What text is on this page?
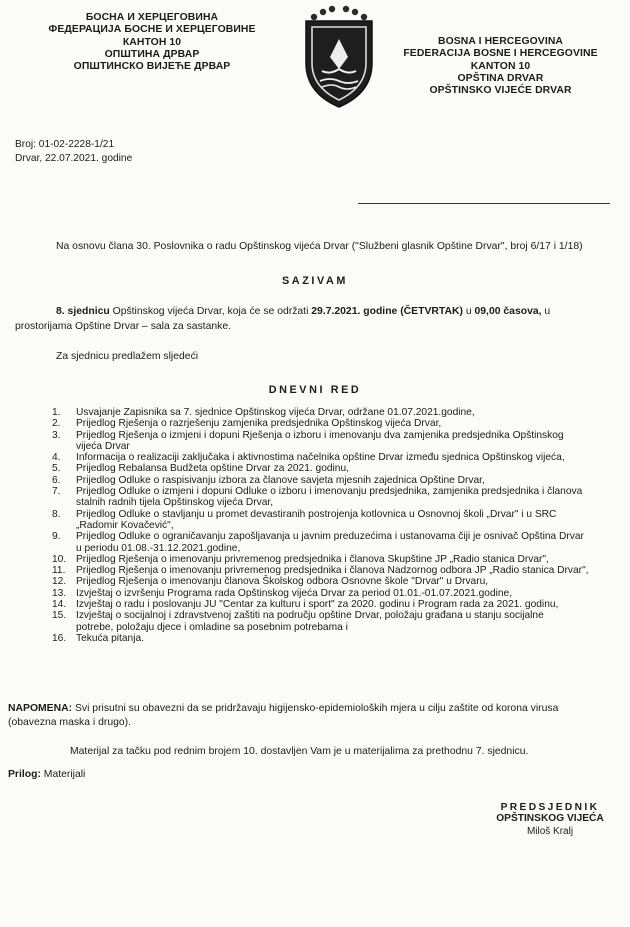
БОСНА И ХЕРЦЕГОВИНА
ФЕДЕРАЦИЈА БОСНЕ И ХЕРЦЕГОВИНЕ
КАНТОН 10
ОПШТИНА ДРВАР
ОПШТИНСКО ВИЈЕЋЕ ДРВАР
BOSNA I HERCEGOVINA
FEDERACIJA BOSNE I HERCEGOVINE
KANTON 10
OPŠTINA DRVAR
OPŠTINSKO VIJEĆE DRVAR
Broj: 01-02-2228-1/21
Drvar, 22.07.2021. godine
Na osnovu člana 30. Poslovnika o radu Opštinskog vijeća Drvar ("Službeni glasnik Opštine Drvar", broj 6/17 i 1/18)
SAZIVAM
8. sjednicu Opštinskog vijeća Drvar, koja će se održati 29.7.2021. godine (ČETVRTAK) u 09,00 časova, u
prostorijama Opštine Drvar – sala za sastanke.
Za sjednicu predlažem sljedeći
DNEVNI RED
1.	Usvajanje Zapisnika sa 7. sjednice Opštinskog vijeća Drvar, održane 01.07.2021.godine,
2.	Prijedlog Rješenja o razrješenju zamjenika predsjednika Opštinskog vijeća Drvar,
3.	Prijedlog Rješenja o izmjeni i dopuni Rješenja o izboru i imenovanju dva zamjenika predsjednika Opštinskog
vijeća Drvar
4.	Informacija o realizaciji zaključaka i aktivnostima načelnika opštine Drvar između sjednica Opštinskog vijeća,
5.	Prijedlog Rebalansa Budžeta opštine Drvar za 2021. godinu,
6.	Prijedlog Odluke o raspisivanju izbora za članove savjeta mjesnih zajednica Opštine Drvar,
7.	Prijedlog Odluke o izmjeni i dopuni Odluke o izboru i imenovanju predsjednika, zamjenika predsjednika i članova
stalnih radnih tijela Opštinskog vijeća Drvar,
8.	Prijedlog Odluke o stavljanju u promet devastiranih postrojenja kotlovnica u Osnovnoj školi „Drvar" i u SRC
„Radomir Kovačević",
9.	Prijedlog Odluke o ograničavanju zapošljavanja u javnim preduzećima i ustanovama čiji je osnivač Opština Drvar
u periodu 01.08.-31.12.2021.godine,
10. Prijedlog Rješenja o imenovanju privremenog predsjednika i članova Skupštine JP „Radio stanica Drvar",
11.	Prijedlog Rješenja o imenovanju privremenog predsjednika i članova Nadzornog odbora JP „Radio stanica Drvar",
12. Prijedlog Rješenja o imenovanju članova Školskog odbora Osnovne škole "Drvar" u Drvaru,
13. Izvještaj o izvršenju Programa rada Opštinskog vijeća Drvar za period 01.01.-01.07.2021.godine,
14. Izvještaj o radu i poslovanju JU "Centar za kulturu i sport" za 2020. godinu i Program rada za 2021. godinu,
15. Izvještaj o socijalnoj i zdravstvenoj zaštiti na području opštine Drvar, položaju građana u stanju socijalne
potrebe, položaju djece i omladine sa posebnim potrebama i
16. Tekuća pitanja.
NAPOMENA: Svi prisutni su obavezni da se pridržavaju higijensko-epidemioloških mjera u cilju zaštite od korona virusa
(obavezna maska i drugo).
Materijal za tačku pod rednim brojem 10. dostavljen Vam je u materijalima za prethodnu 7. sjednicu.
Prilog: Materijali
PREDSJEDNIK
OPŠTINSKOG VIJEĆA
Miloš Kralj
